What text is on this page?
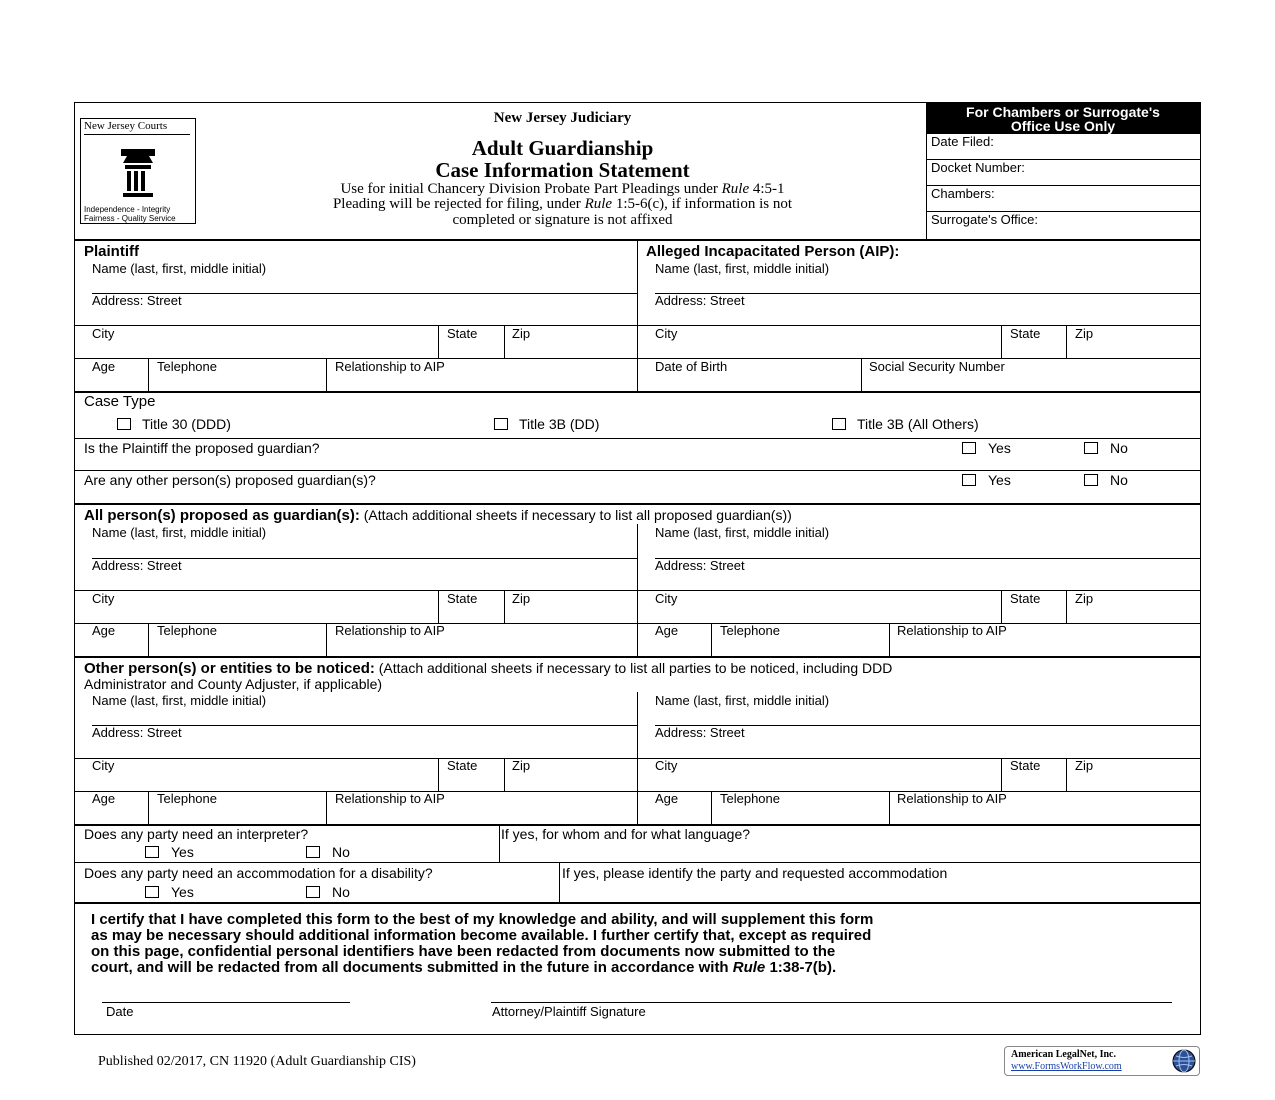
New Jersey Courts
Independence - Integrity
Fairness - Quality Service
New Jersey Judiciary
Adult Guardianship
Case Information Statement
Use for initial Chancery Division Probate Part Pleadings under Rule 4:5-1
Pleading will be rejected for filing, under Rule 1:5-6(c), if information is not
completed or signature is not affixed
For Chambers or Surrogate's
Office Use Only
Date Filed:
Docket Number:
Chambers:
Surrogate's Office:
Plaintiff	Alleged Incapacitated Person (AIP):
Name (last, first, middle initial)
Address: Street
City	State	Zip
Age	Telephone	Relationship to AIP
Name (last, first, middle initial)
Address: Street
City	State	Zip
Date of Birth	Social Security Number
Case Type
Title 30 (DDD)	Title 3B (DD)	Title 3B (All Others)
Is the Plaintiff the proposed guardian?	Yes	No
Are any other person(s) proposed guardian(s)?	Yes	No
All person(s) proposed as guardian(s): (Attach additional sheets if necessary to list all proposed guardian(s))
Name (last, first, middle initial)
Address: Street
City	State	Zip
Age	Telephone	Relationship to AIP
Name (last, first, middle initial)
Address: Street
City	State	Zip
Age	Telephone	Relationship to AIP
Other person(s) or entities to be noticed: (Attach additional sheets if necessary to list all parties to be noticed, including DDD
Administrator and County Adjuster, if applicable)
Name (last, first, middle initial)
Address: Street
City	State	Zip
Age	Telephone	Relationship to AIP
Name (last, first, middle initial)
Address: Street
City	State	Zip
Age	Telephone	Relationship to AIP
Does any party need an interpreter?	If yes, for whom and for what language?
Yes	No
Does any party need an accommodation for a disability?	If yes, please identify the party and requested accommodation
Yes	No
I certify that I have completed this form to the best of my knowledge and ability, and will supplement this form
as may be necessary should additional information become available. I further certify that, except as required
on this page, confidential personal identifiers have been redacted from documents now submitted to the
court, and will be redacted from all documents submitted in the future in accordance with Rule 1:38-7(b).
Date	Attorney/Plaintiff Signature
Published 02/2017, CN 11920 (Adult Guardianship CIS)	American LegalNet, Inc.
www.FormsWorkFlow.com
